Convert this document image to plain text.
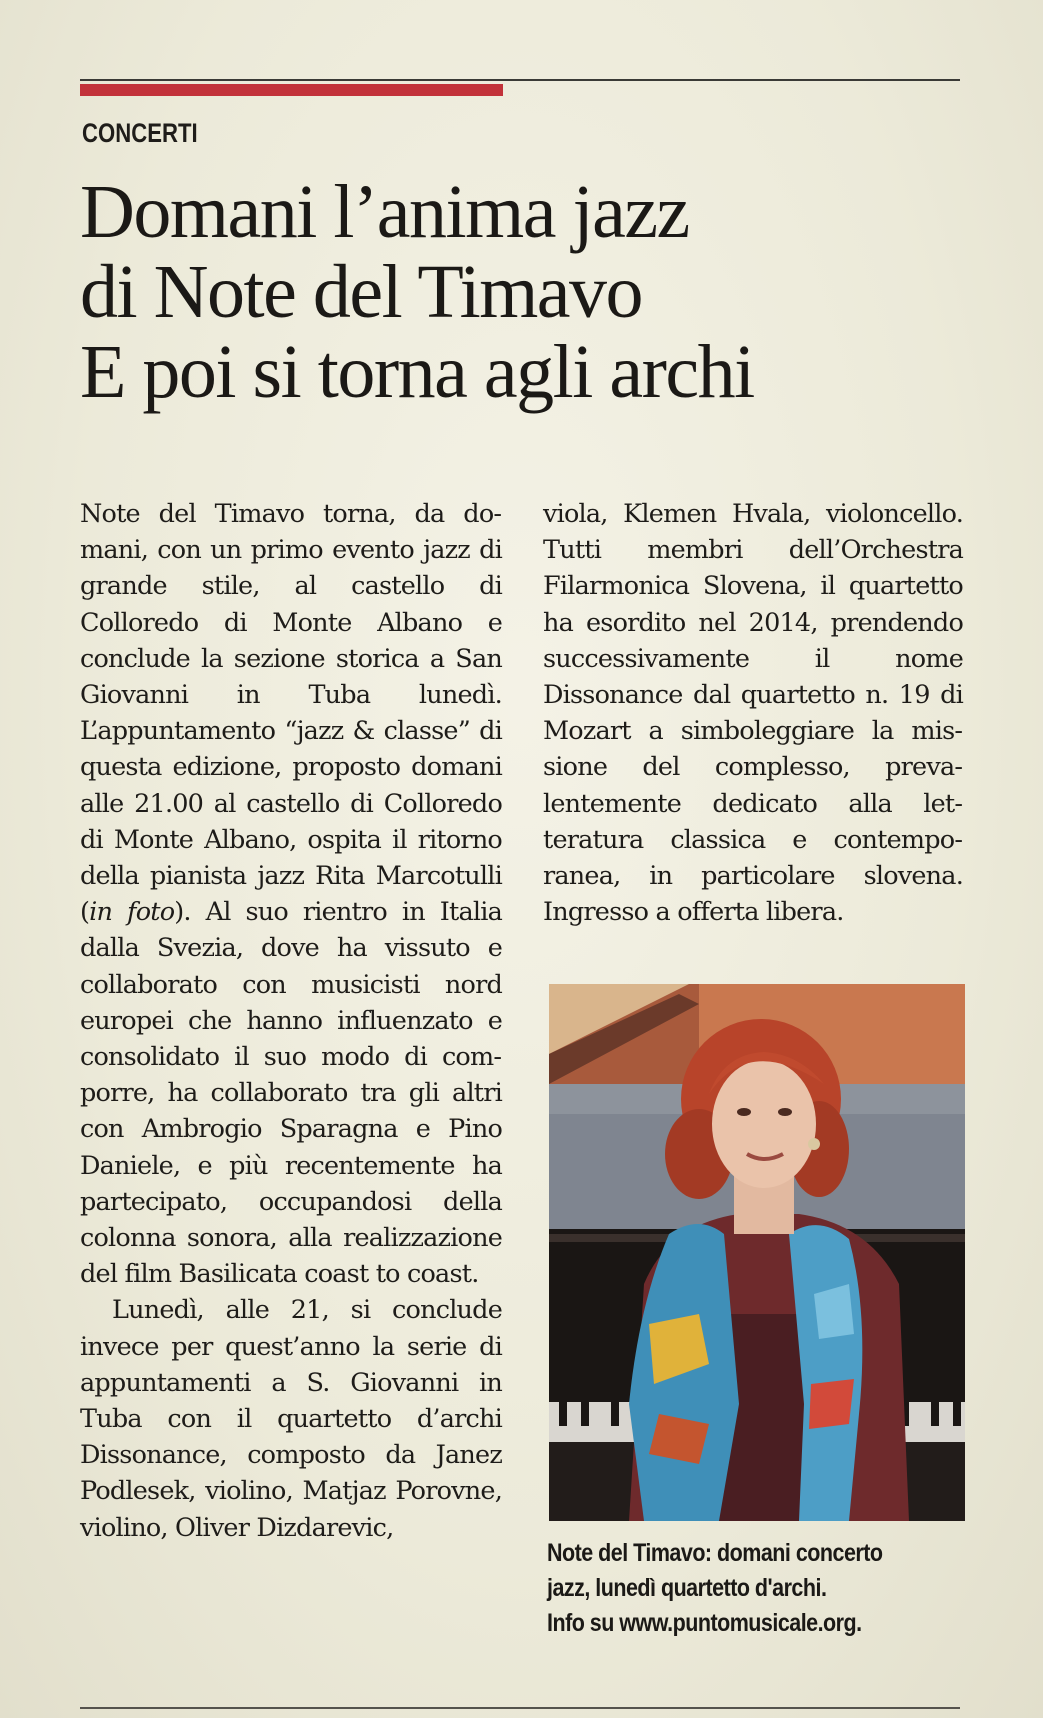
CONCERTI
Domani l’anima jazz
di Note del Timavo
E poi si torna agli archi

Note del Timavo torna, da domani, con un primo evento jazz di grande stile, al castello di Colloredo di Monte Albano e conclude la sezione storica a San Giovanni in Tuba lunedì. L’appuntamento “jazz & classe” di questa edizione, proposto domani alle 21.00 al castello di Colloredo di Monte Albano, ospita il ritorno della pianista jazz Rita Marcotulli (in foto). Al suo rientro in Italia dalla Svezia, dove ha vissuto e collaborato con musicisti nord europei che hanno influenzato e consolidato il suo modo di comporre, ha collaborato tra gli altri con Ambrogio Sparagna e Pino Daniele, e più recentemente ha partecipato, occupandosi della colonna sonora, alla realizzazione del film Basilicata coast to coast.

Lunedì, alle 21, si conclude invece per quest’anno la serie di appuntamenti a S. Giovanni in Tuba con il quartetto d’archi Dissonance, composto da Janez Podlesek, violino, Matjaz Porovne, violino, Oliver Dizdarevic,

viola, Klemen Hvala, violoncello. Tutti membri dell’Orchestra Filarmonica Slovena, il quartetto ha esordito nel 2014, prendendo successivamente il nome Dissonance dal quartetto n. 19 di Mozart a simboleggiare la missione del complesso, prevalentemente dedicato alla letteratura classica e contemporanea, in particolare slovena. Ingresso a offerta libera.

Note del Timavo: domani concerto
jazz, lunedì quartetto d'archi.
Info su www.puntomusicale.org.
